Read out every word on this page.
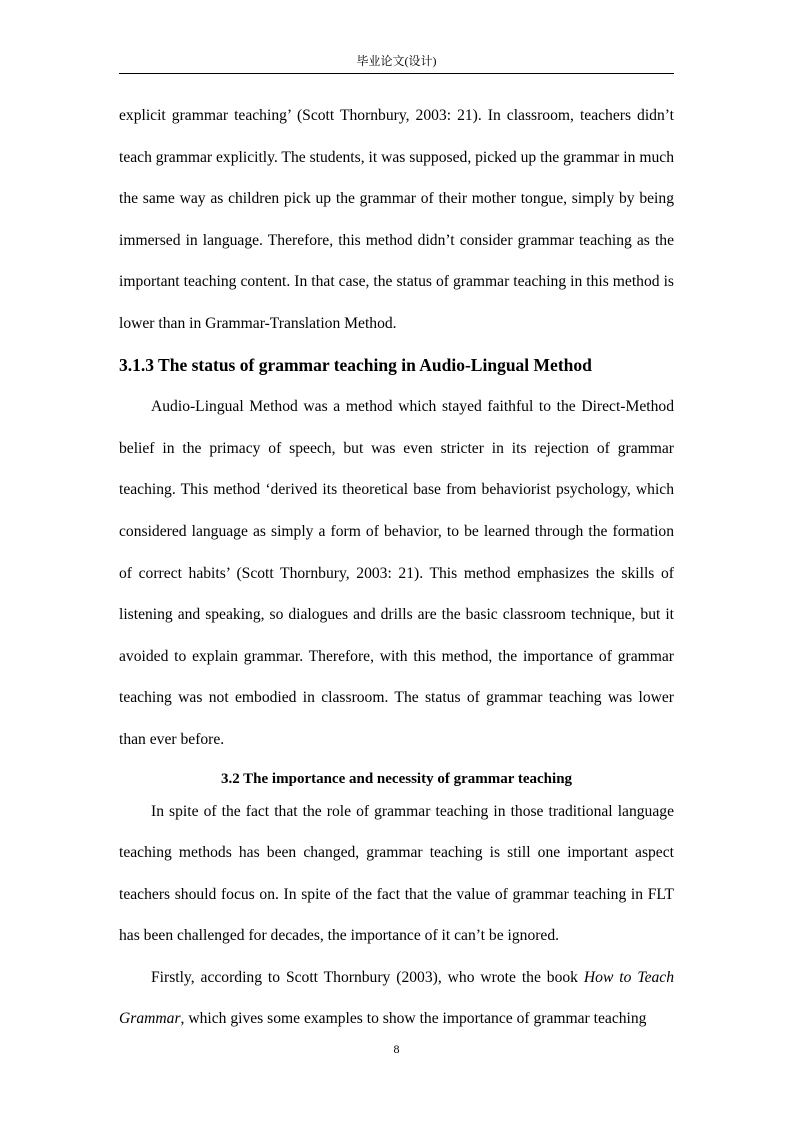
毕业论文(设计)

explicit grammar teaching’ (Scott Thornbury, 2003: 21). In classroom, teachers didn’t teach grammar explicitly. The students, it was supposed, picked up the grammar in much the same way as children pick up the grammar of their mother tongue, simply by being immersed in language. Therefore, this method didn’t consider grammar teaching as the important teaching content. In that case, the status of grammar teaching in this method is lower than in Grammar-Translation Method.

3.1.3 The status of grammar teaching in Audio-Lingual Method

Audio-Lingual Method was a method which stayed faithful to the Direct-Method belief in the primacy of speech, but was even stricter in its rejection of grammar teaching. This method ‘derived its theoretical base from behaviorist psychology, which considered language as simply a form of behavior, to be learned through the formation of correct habits’ (Scott Thornbury, 2003: 21). This method emphasizes the skills of listening and speaking, so dialogues and drills are the basic classroom technique, but it avoided to explain grammar. Therefore, with this method, the importance of grammar teaching was not embodied in classroom. The status of grammar teaching was lower than ever before.

3.2 The importance and necessity of grammar teaching

In spite of the fact that the role of grammar teaching in those traditional language teaching methods has been changed, grammar teaching is still one important aspect teachers should focus on. In spite of the fact that the value of grammar teaching in FLT has been challenged for decades, the importance of it can’t be ignored.

Firstly, according to Scott Thornbury (2003), who wrote the book How to Teach Grammar, which gives some examples to show the importance of grammar teaching

8
